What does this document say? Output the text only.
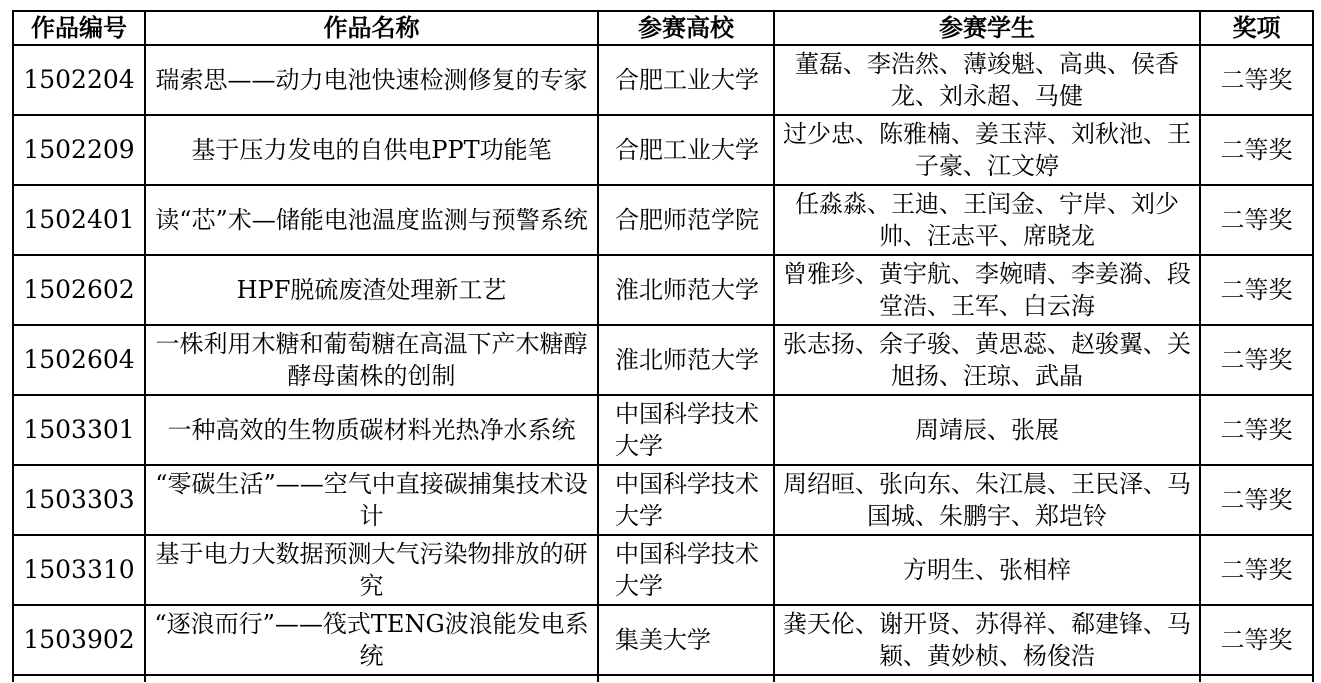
作品编号	作品名称	参赛高校	参赛学生	奖项
1502204	瑞索思——动力电池快速检测修复的专家	合肥工业大学	董磊、李浩然、薄竣魁、高典、侯香龙、刘永超、马健	二等奖
1502209	基于压力发电的自供电PPT功能笔	合肥工业大学	过少忠、陈雅楠、姜玉萍、刘秋池、王子豪、江文婷	二等奖
1502401	读“芯”术—储能电池温度监测与预警系统	合肥师范学院	任淼淼、王迪、王闰金、宁岸、刘少帅、汪志平、席晓龙	二等奖
1502602	HPF脱硫废渣处理新工艺	淮北师范大学	曾雅珍、黄宇航、李婉晴、李姜漪、段堂浩、王军、白云海	二等奖
1502604	一株利用木糖和葡萄糖在高温下产木糖醇酵母菌株的创制	淮北师范大学	张志扬、余子骏、黄思蕊、赵骏翼、关旭扬、汪琼、武晶	二等奖
1503301	一种高效的生物质碳材料光热净水系统	中国科学技术大学	周靖辰、张展	二等奖
1503303	“零碳生活”——空气中直接碳捕集技术设计	中国科学技术大学	周绍晅、张向东、朱江晨、王民泽、马国城、朱鹏宇、郑垲铃	二等奖
1503310	基于电力大数据预测大气污染物排放的研究	中国科学技术大学	方明生、张相梓	二等奖
1503902	“逐浪而行”——筏式TENG波浪能发电系统	集美大学	龚天伦、谢开贤、苏得祥、郗建锋、马颖、黄妙桢、杨俊浩	二等奖
